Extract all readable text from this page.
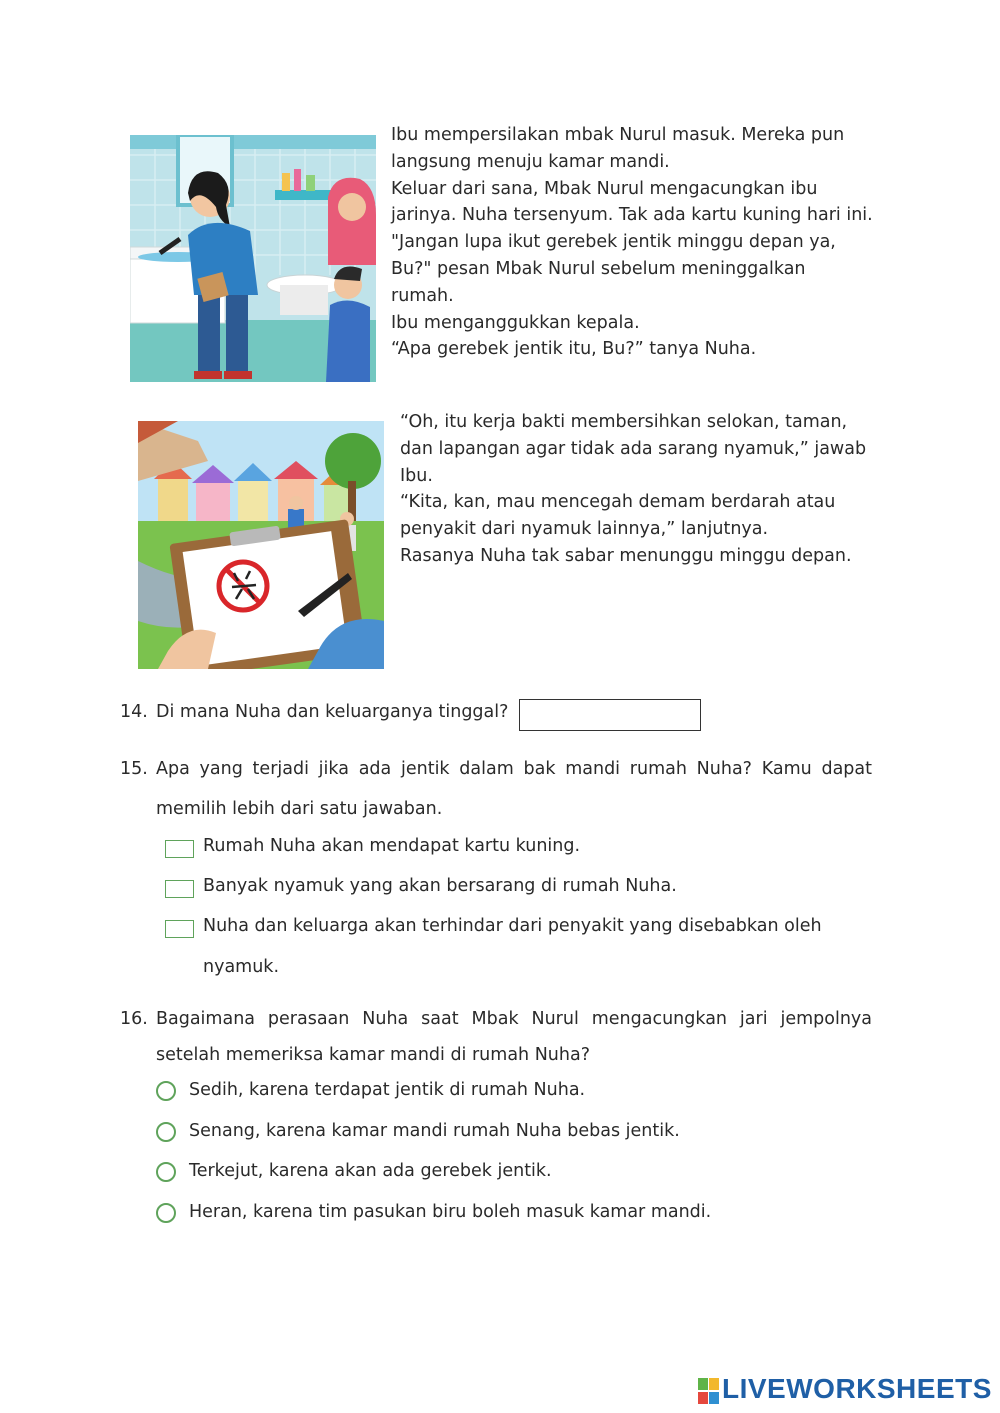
Ibu mempersilakan mbak Nurul masuk. Mereka pun
langsung menuju kamar mandi.
Keluar dari sana, Mbak Nurul mengacungkan ibu
jarinya. Nuha tersenyum. Tak ada kartu kuning hari ini.
"Jangan lupa ikut gerebek jentik minggu depan ya,
Bu?" pesan Mbak Nurul sebelum meninggalkan
rumah.
Ibu menganggukkan kepala.
“Apa gerebek jentik itu, Bu?” tanya Nuha.

“Oh, itu kerja bakti membersihkan selokan, taman,
dan lapangan agar tidak ada sarang nyamuk,” jawab
Ibu.
“Kita, kan, mau mencegah demam berdarah atau
penyakit dari nyamuk lainnya,” lanjutnya.
Rasanya Nuha tak sabar menunggu minggu depan.

14. Di mana Nuha dan keluarganya tinggal?
15. Apa yang terjadi jika ada jentik dalam bak mandi rumah Nuha? Kamu dapat
memilih lebih dari satu jawaban.
Rumah Nuha akan mendapat kartu kuning.
Banyak nyamuk yang akan bersarang di rumah Nuha.
Nuha dan keluarga akan terhindar dari penyakit yang disebabkan oleh
nyamuk.
16. Bagaimana perasaan Nuha saat Mbak Nurul mengacungkan jari jempolnya
setelah memeriksa kamar mandi di rumah Nuha?
Sedih, karena terdapat jentik di rumah Nuha.
Senang, karena kamar mandi rumah Nuha bebas jentik.
Terkejut, karena akan ada gerebek jentik.
Heran, karena tim pasukan biru boleh masuk kamar mandi.
LIVEWORKSHEETS
